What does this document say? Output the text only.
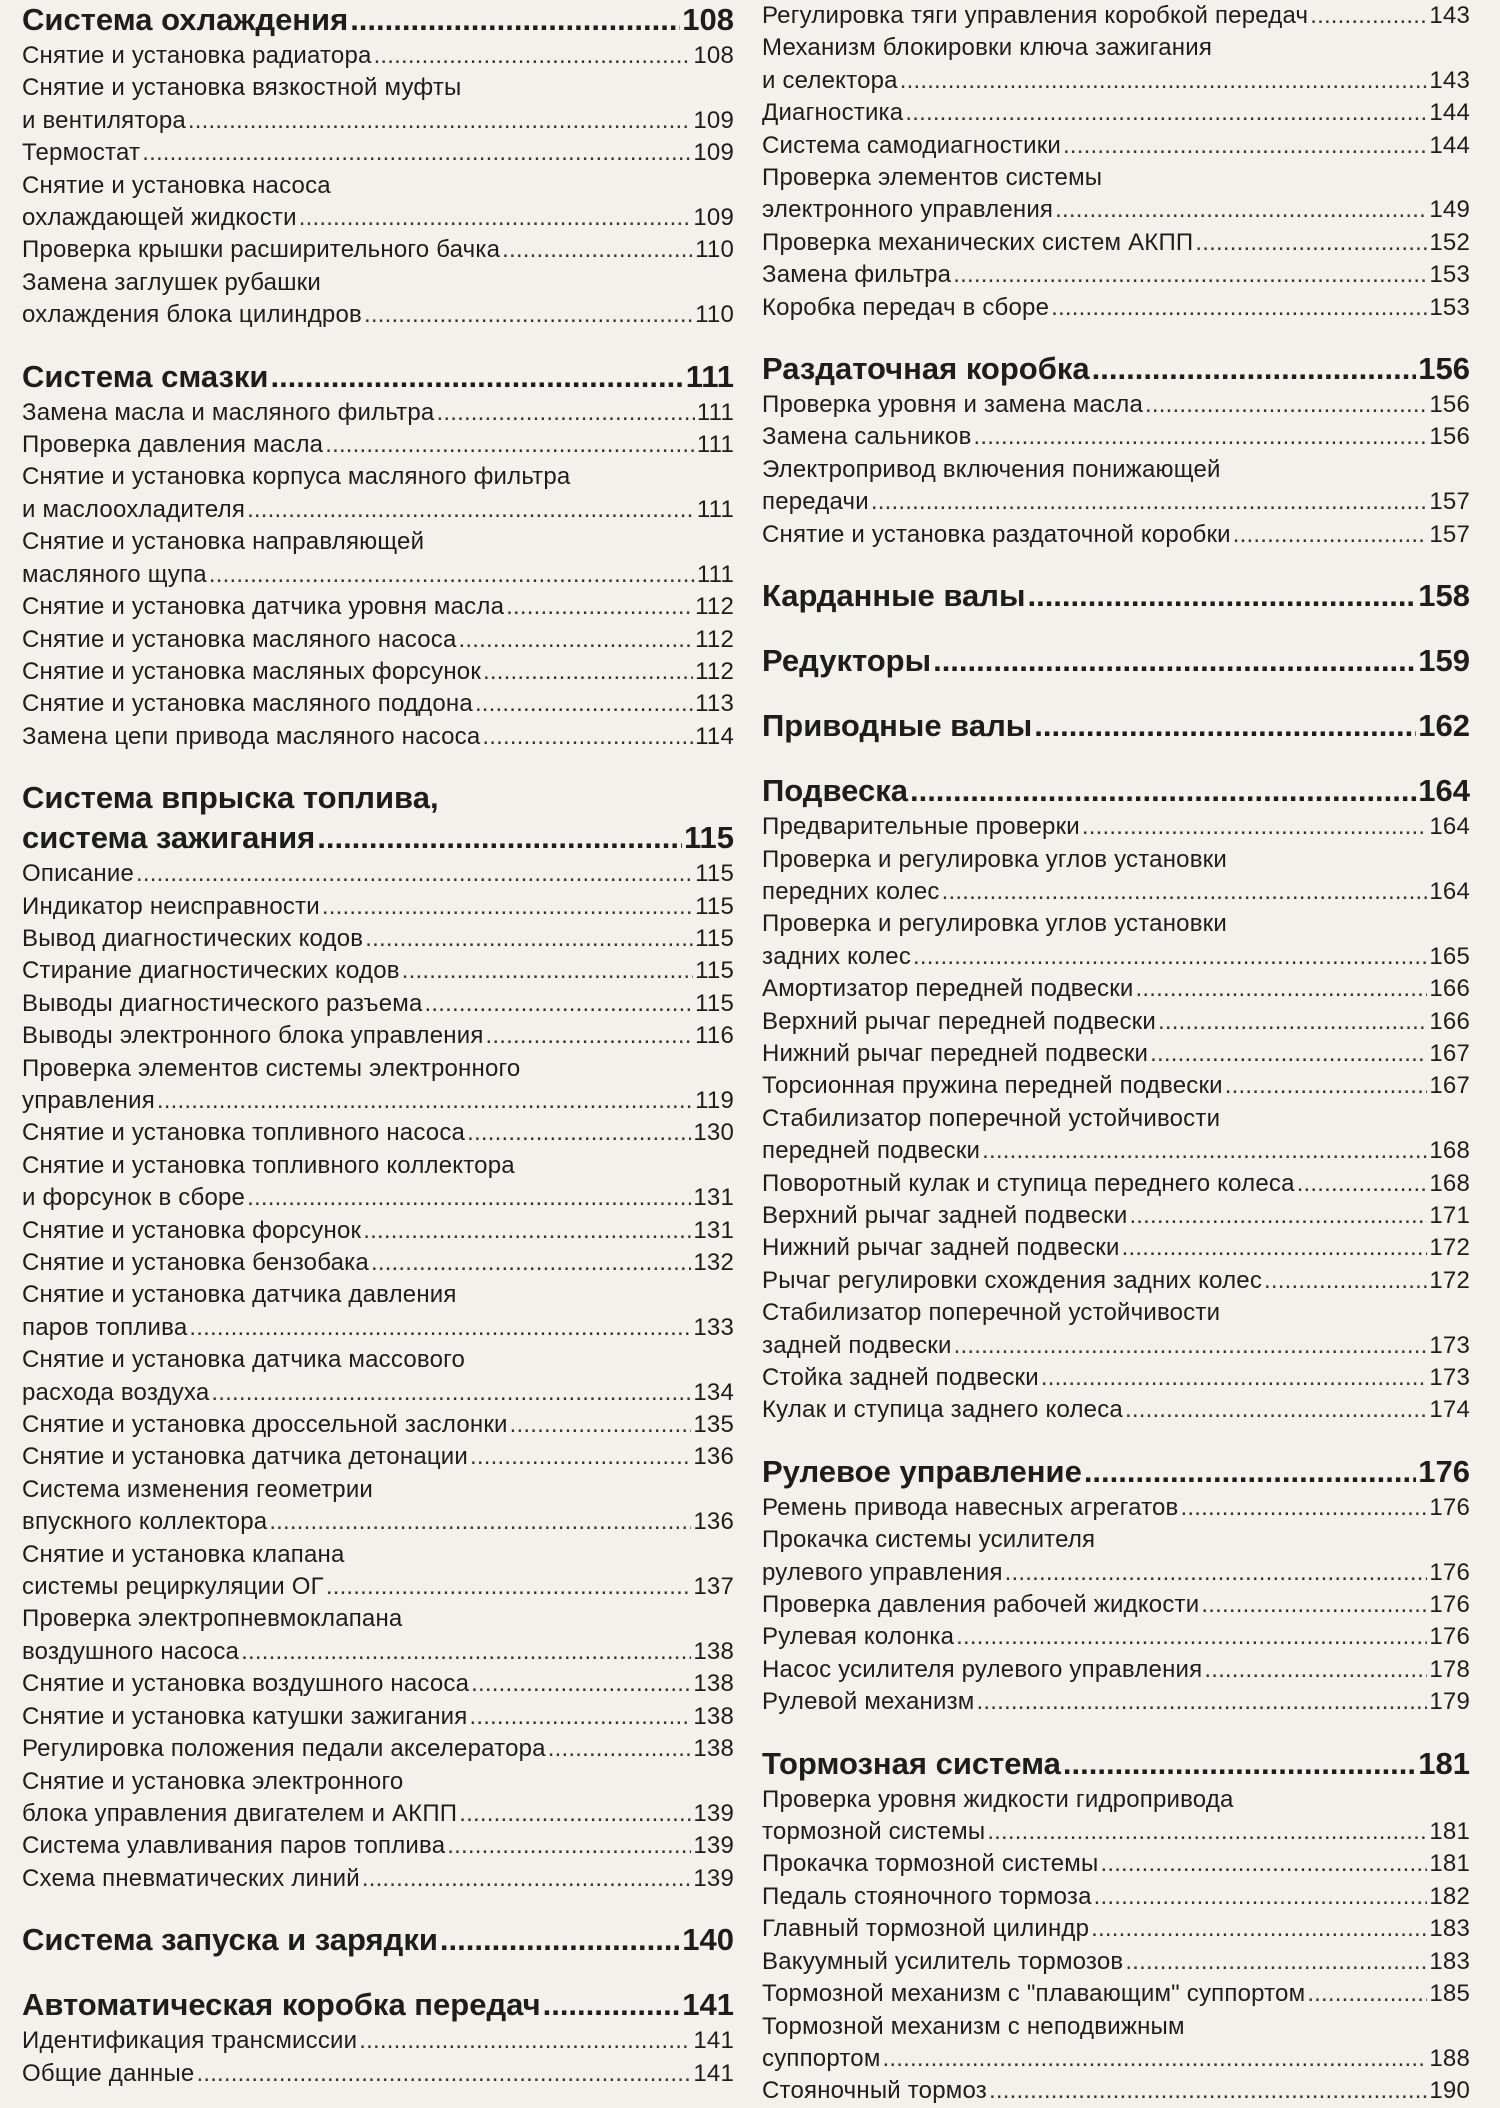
Система охлаждения .....	108
Снятие и установка радиатора .....	108
Снятие и установка вязкостной муфты
и вентилятора .....	109
Термостат .....	109
Снятие и установка насоса
охлаждающей жидкости .....	109
Проверка крышки расширительного бачка .....	110
Замена заглушек рубашки
охлаждения блока цилиндров .....	110
Система смазки .....	111
Замена масла и масляного фильтра .....	111
Проверка давления масла .....	111
Снятие и установка корпуса масляного фильтра
и маслоохладителя .....	111
Снятие и установка направляющей
масляного щупа .....	111
Снятие и установка датчика уровня масла .....	112
Снятие и установка масляного насоса .....	112
Снятие и установка масляных форсунок .....	112
Снятие и установка масляного поддона .....	113
Замена цепи привода масляного насоса .....	114
Система впрыска топлива,
система зажигания .....	115
Описание .....	115
Индикатор неисправности .....	115
Вывод диагностических кодов .....	115
Стирание диагностических кодов .....	115
Выводы диагностического разъема .....	115
Выводы электронного блока управления .....	116
Проверка элементов системы электронного
управления .....	119
Снятие и установка топливного насоса .....	130
Снятие и установка топливного коллектора
и форсунок в сборе .....	131
Снятие и установка форсунок .....	131
Снятие и установка бензобака .....	132
Снятие и установка датчика давления
паров топлива .....	133
Снятие и установка датчика массового
расхода воздуха .....	134
Снятие и установка дроссельной заслонки .....	135
Снятие и установка датчика детонации .....	136
Система изменения геометрии
впускного коллектора .....	136
Снятие и установка клапана
системы рециркуляции ОГ .....	137
Проверка электропневмоклапана
воздушного насоса .....	138
Снятие и установка воздушного насоса .....	138
Снятие и установка катушки зажигания .....	138
Регулировка положения педали акселератора .....	138
Снятие и установка электронного
блока управления двигателем и АКПП .....	139
Система улавливания паров топлива .....	139
Схема пневматических линий .....	139
Система запуска и зарядки .....	140
Автоматическая коробка передач .....	141
Идентификация трансмиссии .....	141
Общие данные .....	141
Регулировка тяги управления коробкой передач .....	143
Механизм блокировки ключа зажигания
и селектора .....	143
Диагностика .....	144
Система самодиагностики .....	144
Проверка элементов системы
электронного управления .....	149
Проверка механических систем АКПП .....	152
Замена фильтра .....	153
Коробка передач в сборе .....	153
Раздаточная коробка .....	156
Проверка уровня и замена масла .....	156
Замена сальников .....	156
Электропривод включения понижающей
передачи .....	157
Снятие и установка раздаточной коробки .....	157
Карданные валы .....	158
Редукторы .....	159
Приводные валы .....	162
Подвеска .....	164
Предварительные проверки .....	164
Проверка и регулировка углов установки
передних колес .....	164
Проверка и регулировка углов установки
задних колес .....	165
Амортизатор передней подвески .....	166
Верхний рычаг передней подвески .....	166
Нижний рычаг передней подвески .....	167
Торсионная пружина передней подвески .....	167
Стабилизатор поперечной устойчивости
передней подвески .....	168
Поворотный кулак и ступица переднего колеса .....	168
Верхний рычаг задней подвески .....	171
Нижний рычаг задней подвески .....	172
Рычаг регулировки схождения задних колес .....	172
Стабилизатор поперечной устойчивости
задней подвески .....	173
Стойка задней подвески .....	173
Кулак и ступица заднего колеса .....	174
Рулевое управление .....	176
Ремень привода навесных агрегатов .....	176
Прокачка системы усилителя
рулевого управления .....	176
Проверка давления рабочей жидкости .....	176
Рулевая колонка .....	176
Насос усилителя рулевого управления .....	178
Рулевой механизм .....	179
Тормозная система .....	181
Проверка уровня жидкости гидропривода
тормозной системы .....	181
Прокачка тормозной системы .....	181
Педаль стояночного тормоза .....	182
Главный тормозной цилиндр .....	183
Вакуумный усилитель тормозов .....	183
Тормозной механизм с "плавающим" суппортом .....	185
Тормозной механизм с неподвижным
суппортом .....	188
Стояночный тормоз .....	190
